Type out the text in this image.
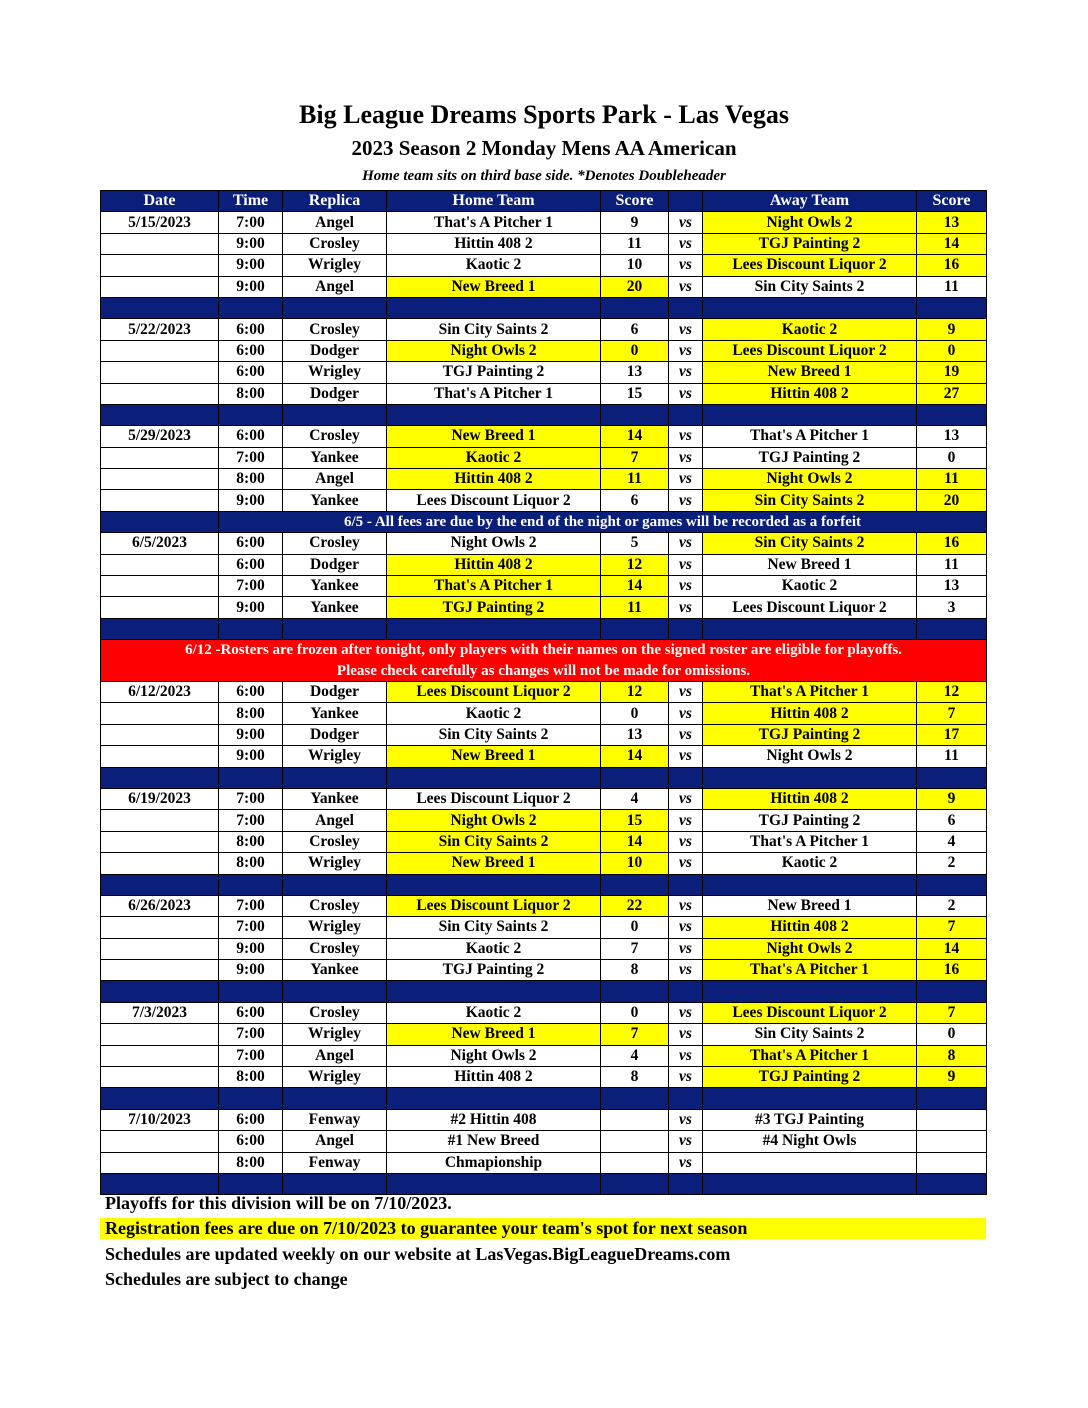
Big League Dreams Sports Park - Las Vegas
2023 Season 2 Monday Mens AA American
Home team sits on third base side. *Denotes Doubleheader
Date	Time	Replica	Home Team	Score		Away Team	Score
5/15/2023	7:00	Angel	That's A Pitcher 1	9	vs	Night Owls 2	13
	9:00	Crosley	Hittin 408 2	11	vs	TGJ Painting 2	14
	9:00	Wrigley	Kaotic 2	10	vs	Lees Discount Liquor 2	16
	9:00	Angel	New Breed 1	20	vs	Sin City Saints 2	11

5/22/2023	6:00	Crosley	Sin City Saints 2	6	vs	Kaotic 2	9
	6:00	Dodger	Night Owls 2	0	vs	Lees Discount Liquor 2	0
	6:00	Wrigley	TGJ Painting 2	13	vs	New Breed 1	19
	8:00	Dodger	That's A Pitcher 1	15	vs	Hittin 408 2	27

5/29/2023	6:00	Crosley	New Breed 1	14	vs	That's A Pitcher 1	13
	7:00	Yankee	Kaotic 2	7	vs	TGJ Painting 2	0
	8:00	Angel	Hittin 408 2	11	vs	Night Owls 2	11
	9:00	Yankee	Lees Discount Liquor 2	6	vs	Sin City Saints 2	20
	6/5 - All fees are due by the end of the night or games will be recorded as a forfeit						
6/5/2023	6:00	Crosley	Night Owls 2	5	vs	Sin City Saints 2	16
	6:00	Dodger	Hittin 408 2	12	vs	New Breed 1	11
	7:00	Yankee	That's A Pitcher 1	14	vs	Kaotic 2	13
	9:00	Yankee	TGJ Painting 2	11	vs	Lees Discount Liquor 2	3

6/12 -Rosters are frozen after tonight, only players with their names on the signed roster are eligible for playoffs.							
Please check carefully as changes will not be made for omissions.							
6/12/2023	6:00	Dodger	Lees Discount Liquor 2	12	vs	That's A Pitcher 1	12
	8:00	Yankee	Kaotic 2	0	vs	Hittin 408 2	7
	9:00	Dodger	Sin City Saints 2	13	vs	TGJ Painting 2	17
	9:00	Wrigley	New Breed 1	14	vs	Night Owls 2	11

6/19/2023	7:00	Yankee	Lees Discount Liquor 2	4	vs	Hittin 408 2	9
	7:00	Angel	Night Owls 2	15	vs	TGJ Painting 2	6
	8:00	Crosley	Sin City Saints 2	14	vs	That's A Pitcher 1	4
	8:00	Wrigley	New Breed 1	10	vs	Kaotic 2	2

6/26/2023	7:00	Crosley	Lees Discount Liquor 2	22	vs	New Breed 1	2
	7:00	Wrigley	Sin City Saints 2	0	vs	Hittin 408 2	7
	9:00	Crosley	Kaotic 2	7	vs	Night Owls 2	14
	9:00	Yankee	TGJ Painting 2	8	vs	That's A Pitcher 1	16

7/3/2023	6:00	Crosley	Kaotic 2	0	vs	Lees Discount Liquor 2	7
	7:00	Wrigley	New Breed 1	7	vs	Sin City Saints 2	0
	7:00	Angel	Night Owls 2	4	vs	That's A Pitcher 1	8
	8:00	Wrigley	Hittin 408 2	8	vs	TGJ Painting 2	9

7/10/2023	6:00	Fenway	#2 Hittin 408		vs	#3 TGJ Painting	
	6:00	Angel	#1 New Breed		vs	#4 Night Owls	
	8:00	Fenway	Chmapionship		vs		

Playoffs for this division will be on 7/10/2023.
Registration fees are due on 7/10/2023 to guarantee your team's spot for next season
Schedules are updated weekly on our website at LasVegas.BigLeagueDreams.com
Schedules are subject to change
